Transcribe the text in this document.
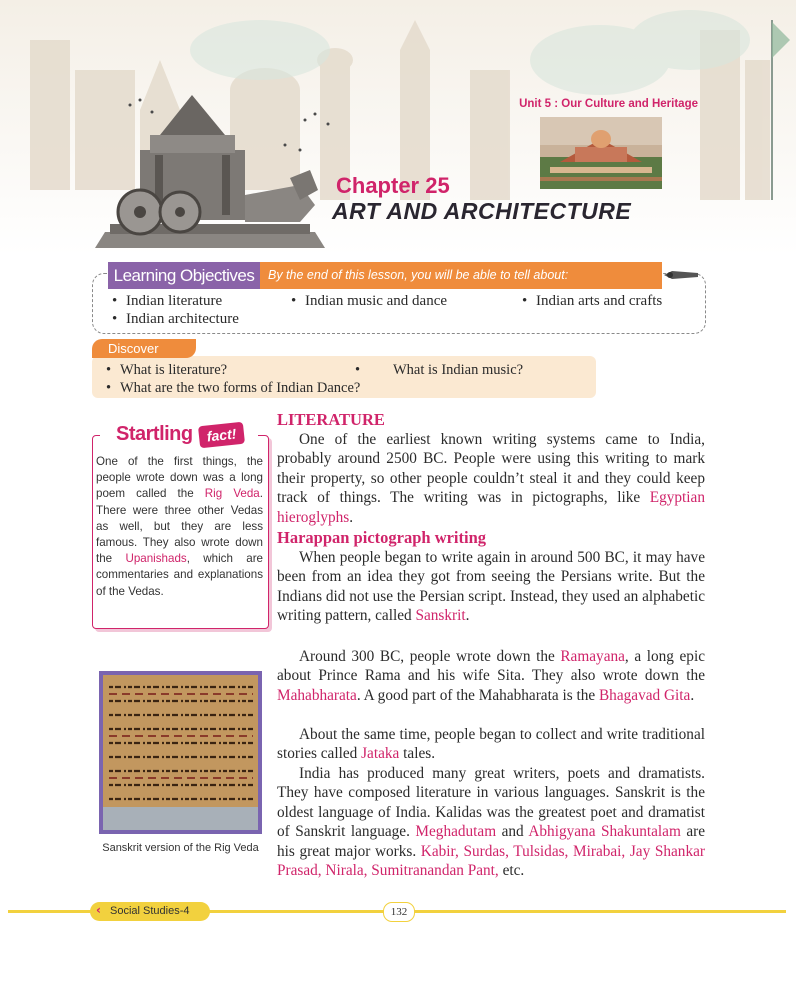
Unit 5 : Our Culture and Heritage
Chapter 25
ART AND ARCHITECTURE
Learning Objectives	By the end of this lesson, you will be able to tell about:
• Indian literature	• Indian music and dance	• Indian arts and crafts
• Indian architecture
Discover
• What is literature?	• What is Indian music?
• What are the two forms of Indian Dance?
Startling fact!
One of the first things, the people wrote down was a long poem called the Rig Veda. There were three other Vedas as well, but they are less famous. They also wrote down the Upanishads, which are commentaries and explanations of the Vedas.
Sanskrit version of the Rig Veda
LITERATURE
One of the earliest known writing systems came to India, probably around 2500 BC. People were using this writing to mark their property, so other people couldn’t steal it and they could keep track of things. The writing was in pictographs, like Egyptian hieroglyphs.
Harappan pictograph writing
When people began to write again in around 500 BC, it may have been from an idea they got from seeing the Persians write. But the Indians did not use the Persian script. Instead, they used an alphabetic writing pattern, called Sanskrit.
Around 300 BC, people wrote down the Ramayana, a long epic about Prince Rama and his wife Sita. They also wrote down the Mahabharata. A good part of the Mahabharata is the Bhagavad Gita.
About the same time, people began to collect and write traditional stories called Jataka tales.
India has produced many great writers, poets and dramatists. They have composed literature in various languages. Sanskrit is the oldest language of India. Kalidas was the greatest poet and dramatist of Sanskrit language. Meghadutam and Abhigyana Shakuntalam are his great major works. Kabir, Surdas, Tulsidas, Mirabai, Jay Shankar Prasad, Nirala, Sumitranandan Pant, etc.
Social Studies-4
‹	132
